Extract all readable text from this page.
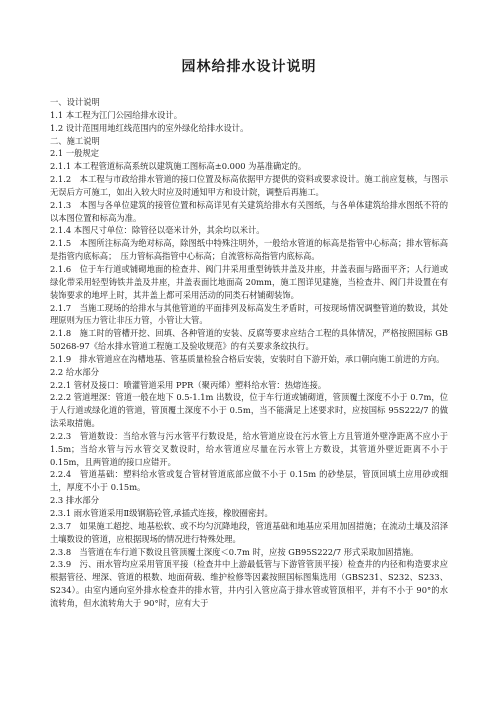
园林给排水设计说明

一、设计说明

1.1 本工程为江门公园给排水设计。

1.2 设计范围用地红线范围内的室外绿化给排水设计。

二、施工说明

2.1 一般规定

2.1.1 本工程管道标高系统以建筑施工图标高±0.000 为基准确定的。

2.1.2　本工程与市政给排水管道的接口位置及标高依据甲方提供的资料或要求设计。施工前应复核，与图示无误后方可施工，如出入较大时应及时通知甲方和设计院，调整后再施工。

2.1.3　本图与各单位建筑的接管位置和标高详见有关建筑给排水有关图纸，与各单体建筑给排水图纸不符的以本图位置和标高为准。

2.1.4 本图尺寸单位：除管径以毫米计外，其余均以米计。

2.1.5　本图所注标高为绝对标高，除图纸中特殊注明外，一般给水管道的标高是指管中心标高；排水管标高是指管内底标高；　压力管标高指管中心标高；自流管标高指管内底标高。

2.1.6　位于车行道或铺砌地面的检查井、阀门井采用重型铸铁井盖及井座，井盖表面与路面平齐；人行道或绿化带采用轻型铸铁井盖及井座，井盖表面比地面高 20mm，施工图详见建施，当检查井、阀门井设置在有装饰要求的地坪上时，其井盖上都可采用活动的同类石材铺砌装饰。

2.1.7　当施工现场的给排水与其他管道的平面排列及标高发生矛盾时，可按现场情况调整管道的数设，其处理原则为压力管让非压力管，小管让大管。

2.1.8　施工时的管槽开挖、回填、各种管道的安装、反腐等要求应结合工程的具体情况，严格按照国标 GB 50268-97《给水排水管道工程施工及验收规范》的有关要求条纹执行。

2.1.9　排水管道应在沟槽地基、管基质量检验合格后安装，安装时自下游开始，承口朝向施工前进的方向。

2.2 给水部分

2.2.1 管材及接口：喷灌管道采用 PPR（聚丙烯）塑料给水管：热熔连接。

2.2.2 管道埋深：管道一般在地下 0.5-1.1m 出数设，位于车行道或铺砌道，管顶覆土深度不小于 0.7m，位于人行道或绿化道的管道，管顶覆土深度不小于 0.5m，当不能满足上述要求时，应按国标 95S222/7 的做法采取措施。

2.2.3　管道数设：当给水管与污水管平行数设是，给水管道应设在污水管上方且管道外壁净距离不应小于 1.5m；当给水管与污水管交叉数设时，给水管道应尽量在污水管上方数设，其管道外壁近距离不小于 0.15m，且两管道的接口应错开。

2.2.4　管道基础：塑料给水管或复合管材管道底部应做不小于 0.15m 的砂垫层，管顶回填土应用砂或细土，厚度不小于 0.15m。

2.3 排水部分

2.3.1 雨水管道采用Ⅱ级钢筋砼管,承插式连接，橡胶圈密封。

2.3.7　如果施工超挖、地基松软、或不均匀沉降地段，管道基础和地基应采用加固措施；在流动土壤及沼泽土壤数设的管道，应根据现场的情况进行特殊处理。

2.3.8　当管道在车行道下数设且管顶覆土深度＜0.7m 时，应按 GB95S222/7 形式采取加固措施。

2.3.9　污、雨水管均应采用管顶平接（检查井中上游最低管与下游管管顶平接）检查井的内径和构造要求应根据管径、埋深、管道的根数、地面荷载、维护检修等因素按照国标图集选用（GBS231、S232、S233、S234）。由室内通向室外排水检查井的排水管，井内引入管应高于排水管或管顶相平，并有不小于 90°的水流转角，但水流转角大于 90°时，应有大于
